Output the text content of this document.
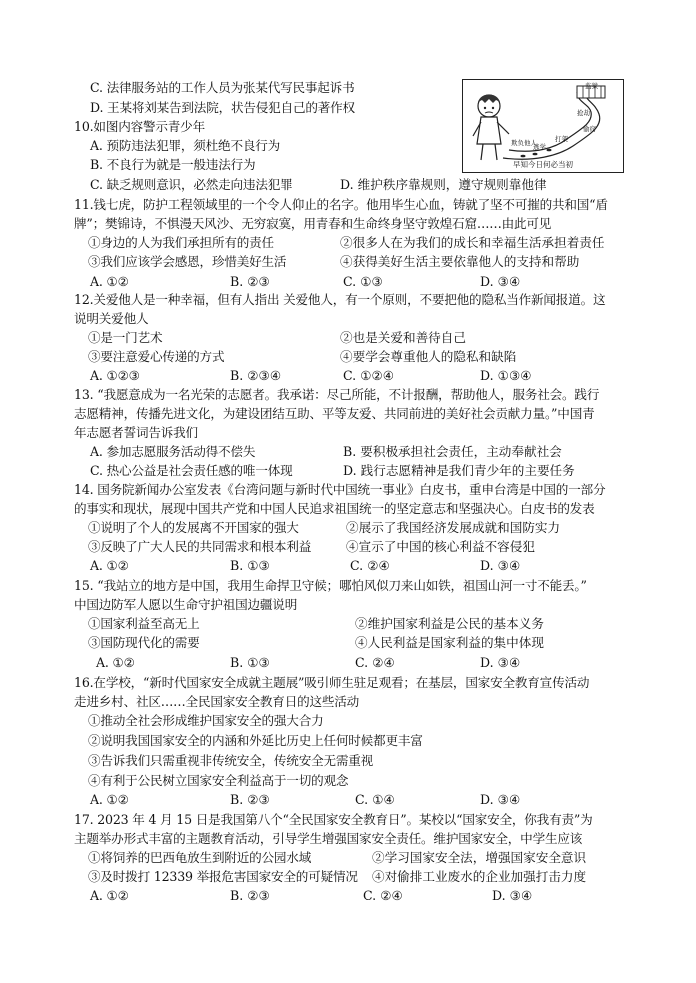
监狱
抢劫
偷窃
打架
欺负他人
逃学
早知今日何必当初
C. 法律服务站的工作人员为张某代写民事起诉书
D. 王某将刘某告到法院，状告侵犯自己的著作权
10.如图内容警示青少年
A. 预防违法犯罪，须杜绝不良行为
B. 不良行为就是一般违法行为
C. 缺乏规则意识，必然走向违法犯罪	D. 维护秩序靠规则，遵守规则靠他律
11.钱七虎，防护工程领域里的一个令人仰止的名字。他用毕生心血，铸就了坚不可摧的共和国“盾
牌”；樊锦诗，不惧漫天风沙、无穷寂寞，用青春和生命终身坚守敦煌石窟……由此可见
①身边的人为我们承担所有的责任	②很多人在为我们的成长和幸福生活承担着责任
③我们应该学会感恩，珍惜美好生活	④获得美好生活主要依靠他人的支持和帮助
A. ①②	B. ②③	C. ①③	D. ③④
12.关爱他人是一种幸福，但有人指出 关爱他人，有一个原则，不要把他的隐私当作新闻报道。这
说明关爱他人
①是一门艺术	②也是关爱和善待自己
③要注意爱心传递的方式	④要学会尊重他人的隐私和缺陷
A. ①②③	B. ②③④	C. ①②④	D. ①③④
13. “我愿意成为一名光荣的志愿者。我承诺：尽己所能，不计报酬，帮助他人，服务社会。践行
志愿精神，传播先进文化，为建设团结互助、平等友爱、共同前进的美好社会贡献力量。”中国青
年志愿者誓词告诉我们
A. 参加志愿服务活动得不偿失	B. 要积极承担社会责任，主动奉献社会
C. 热心公益是社会责任感的唯一体现	D. 践行志愿精神是我们青少年的主要任务
14. 国务院新闻办公室发表《台湾问题与新时代中国统一事业》白皮书，重申台湾是中国的一部分
的事实和现状，展现中国共产党和中国人民追求祖国统一的坚定意志和坚强决心。白皮书的发表
①说明了个人的发展离不开国家的强大	②展示了我国经济发展成就和国防实力
③反映了广大人民的共同需求和根本利益	④宣示了中国的核心利益不容侵犯
A. ①②	B. ①③	C. ②④	D. ③④
15. “我站立的地方是中国，我用生命捍卫守候；哪怕风似刀来山如铁，祖国山河一寸不能丢。”
中国边防军人愿以生命守护祖国边疆说明
①国家利益至高无上	②维护国家利益是公民的基本义务
③国防现代化的需要	④人民利益是国家利益的集中体现
A. ①②	B. ①③	C. ②④	D. ③④
16.在学校，“新时代国家安全成就主题展”吸引师生驻足观看；在基层，国家安全教育宣传活动
走进乡村、社区……全民国家安全教育日的这些活动
①推动全社会形成维护国家安全的强大合力
②说明我国国家安全的内涵和外延比历史上任何时候都更丰富
③告诉我们只需重视非传统安全，传统安全无需重视
④有利于公民树立国家安全利益高于一切的观念
A. ①②	B. ②③	C. ①④	D. ③④
17. 2023 年 4 月 15 日是我国第八个“全民国家安全教育日”。某校以“国家安全，你我有责”为
主题举办形式丰富的主题教育活动，引导学生增强国家安全责任。维护国家安全，中学生应该
①将饲养的巴西龟放生到附近的公园水域	②学习国家安全法，增强国家安全意识
③及时拨打 12339 举报危害国家安全的可疑情况 ④对偷排工业废水的企业加强打击力度
A. ①②	B. ②③	C. ②④	D. ③④
